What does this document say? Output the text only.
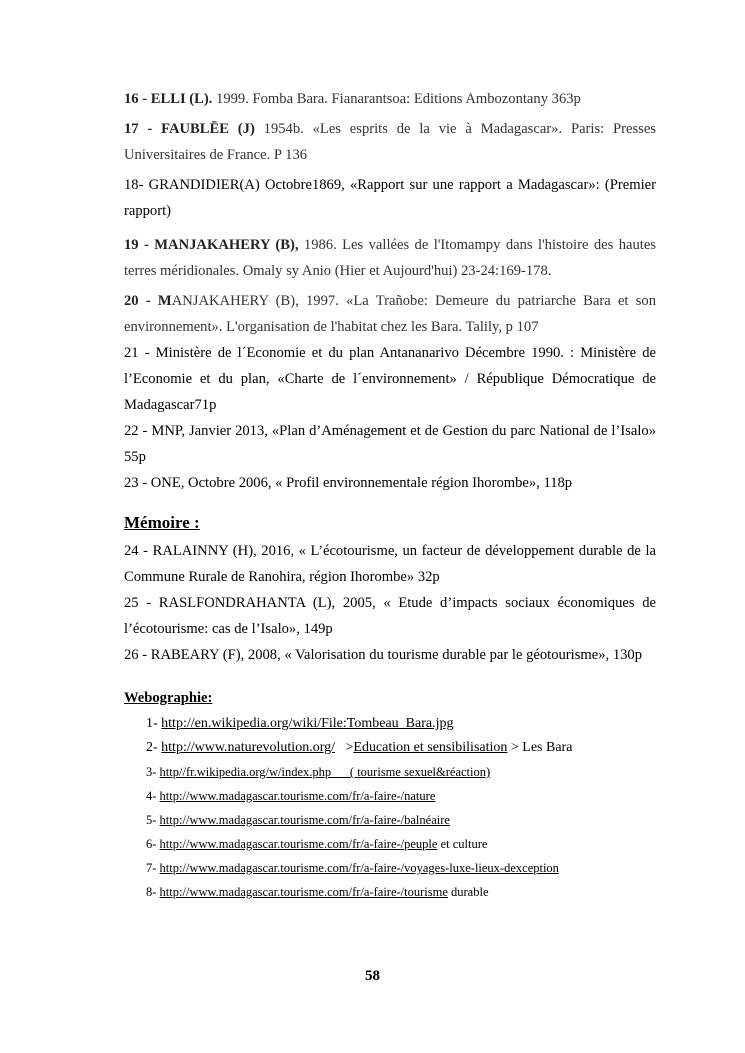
16 - ELLI (L). 1999. Fomba Bara. Fianarantsoa: Editions Ambozontany 363p

17 - FAUBLĒE (J) 1954b. «Les esprits de la vie à Madagascar». Paris: Presses Universitaires de France. P 136

18- GRANDIDIER(A) Octobre1869, «Rapport sur une rapport a Madagascar»: (Premier rapport)

19 - MANJAKAHERY (B), 1986. Les vallées de l'Itomampy dans l'histoire des hautes terres méridionales. Omaly sy Anio (Hier et Aujourd'hui) 23-24:169-178.

20 - MANJAKAHERY (B), 1997. «La Trañobe: Demeure du patriarche Bara et son environnement». L'organisation de l'habitat chez les Bara. Talily, p 107

21 - Ministère de l´Economie et du plan Antananarivo Décembre 1990. : Ministère de l’Economie et du plan, «Charte de l´environnement» / République Démocratique de Madagascar71p

22 - MNP, Janvier 2013, «Plan d’Aménagement et de Gestion du parc National de l’Isalo» 55p

23 - ONE, Octobre 2006, « Profil environnementale région Ihorombe», 118p

Mémoire :

24 - RALAINNY (H), 2016, « L’écotourisme, un facteur de développement durable de la Commune Rurale de Ranohira, région Ihorombe» 32p

25 - RASLFONDRAHANTA (L), 2005, « Etude d’impacts sociaux économiques de l’écotourisme: cas de l’Isalo», 149p

26 - RABEARY (F), 2008, « Valorisation du tourisme durable par le géotourisme», 130p

Webographie:
1- http://en.wikipedia.org/wiki/File:Tombeau_Bara.jpg
2- http://www.naturevolution.org/   >Education et sensibilisation > Les Bara
3- http//fr.wikipedia.org/w/index.php      ( tourisme sexuel&réaction)
4- http://www.madagascar.tourisme.com/fr/a-faire-/nature
5- http://www.madagascar.tourisme.com/fr/a-faire-/balnéaire
6- http://www.madagascar.tourisme.com/fr/a-faire-/peuple et culture
7- http://www.madagascar.tourisme.com/fr/a-faire-/voyages-luxe-lieux-dexception
8- http://www.madagascar.tourisme.com/fr/a-faire-/tourisme durable
58
